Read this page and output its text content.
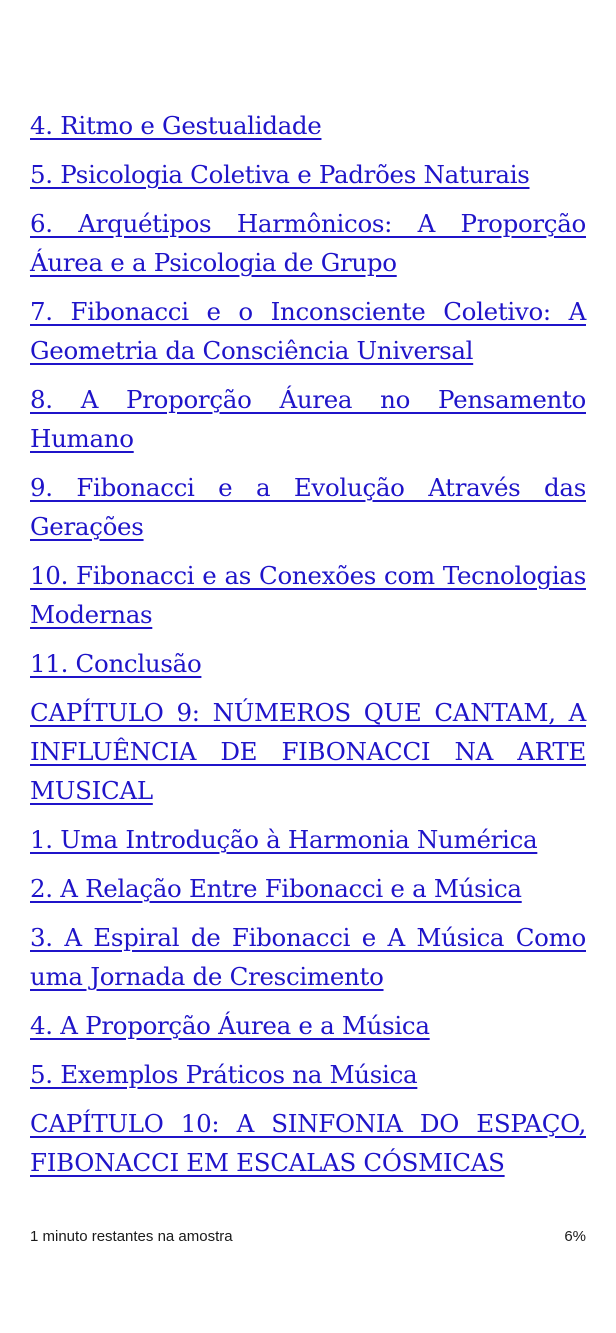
4. Ritmo e Gestualidade
5. Psicologia Coletiva e Padrões Naturais
6. Arquétipos Harmônicos: A Proporção Áurea e a Psicologia de Grupo
7. Fibonacci e o Inconsciente Coletivo: A Geometria da Consciência Universal
8. A Proporção Áurea no Pensamento Humano
9. Fibonacci e a Evolução Através das Gerações
10. Fibonacci e as Conexões com Tecnologias Modernas
11. Conclusão
CAPÍTULO 9: NÚMEROS QUE CANTAM, A INFLUÊNCIA DE FIBONACCI NA ARTE MUSICAL
1. Uma Introdução à Harmonia Numérica
2. A Relação Entre Fibonacci e a Música
3. A Espiral de Fibonacci e A Música Como uma Jornada de Crescimento
4. A Proporção Áurea e a Música
5. Exemplos Práticos na Música
CAPÍTULO 10: A SINFONIA DO ESPAÇO, FIBONACCI EM ESCALAS CÓSMICAS
1 minuto restantes na amostra	6%
